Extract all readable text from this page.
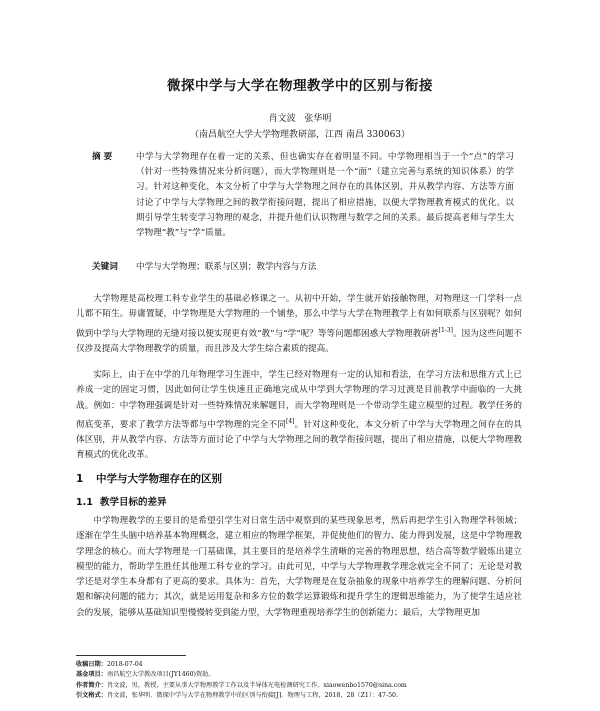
微探中学与大学在物理教学中的区别与衔接
肖文波 张华明
（南昌航空大学大学物理教研部，江西 南昌 330063）
摘 要	中学与大学物理存在着一定的关系，但也确实存在着明显不同。中学物理相当于一个“点”的学习（针对一些特殊情况来分析问题），而大学物理则是一个“面”（建立完善与系统的知识体系）的学习。针对这种变化，本文分析了中学与大学物理之间存在的具体区别，并从教学内容、方法等方面讨论了中学与大学物理之间的教学衔接问题，提出了相应措施，以便大学物理教育模式的优化。以期引导学生转变学习物理的观念，并提升他们认识物理与数学之间的关系。最后提高老师与学生大学物理“教”与“学”质量。
关键词	中学与大学物理；联系与区别；教学内容与方法
大学物理是高校理工科专业学生的基础必修课之一。从初中开始，学生就开始接触物理，对物理这一门学科一点儿都不陌生。毋庸置疑，中学物理是大学物理的一个铺垫，那么中学与大学在物理教学上有如何联系与区别呢？如何做到中学与大学物理的无缝对接以便实现更有效“教”与“学”呢？等等问题都困惑大学物理教研者[1-3]。因为这些问题不仅涉及提高大学物理教学的质量，而且涉及大学生综合素质的提高。
实际上，由于在中学的几年物理学习生涯中，学生已经对物理有一定的认知和看法，在学习方法和思维方式上已养成一定的固定习惯，因此如何让学生快速且正确地完成从中学到大学物理的学习过渡是目前教学中面临的一大挑战。例如：中学物理强调是针对一些特殊情况来解题目，而大学物理则是一个带动学生建立模型的过程。教学任务的彻底变革，要求了教学方法等都与中学物理的完全不同[4]。针对这种变化，本文分析了中学与大学物理之间存在的具体区别，并从教学内容、方法等方面讨论了中学与大学物理之间的教学衔接问题，提出了相应措施，以便大学物理教育模式的优化改革。
1 中学与大学物理存在的区别
1.1 教学目标的差异
中学物理教学的主要目的是希望引学生对日常生活中观察到的某些现象思考，然后再把学生引入物理学科领域；逐渐在学生头脑中培养基本物理概念，建立相应的物理学框架，并促使他们的智力、能力得到发展，这是中学物理教学理念的核心。而大学物理是一门基础课，其主要目的是培养学生清晰的完善的物理思想，结合高等数学锻炼出建立模型的能力，帮助学生胜任其他理工科专业的学习。由此可见，中学与大学物理教学理念就完全不同了；无论是对教学还是对学生本身都有了更高的要求。具体为：首先，大学物理是在复杂抽象的现象中培养学生的理解问题、分析问题和解决问题的能力；其次，就是运用复杂和多方位的数学运算锻炼和提升学生的逻辑思维能力，为了使学生适应社会的发展，能够从基础知识型慢慢转变到能力型，大学物理重视培养学生的创新能力；最后，大学物理更加
收稿日期：2018-07-04
基金项目：南昌航空大学教改项目(JY1460)资助。
作者简介：肖文波，男，教授，主要从事大学物理教学工作以及半导体光电检测研究工作。xiaowenbo1570@sina.com
引文格式：肖文波，张华明．微探中学与大学在物理教学中的区别与衔接[J]．物理与工程，2018，28（Z1）：47-50.
